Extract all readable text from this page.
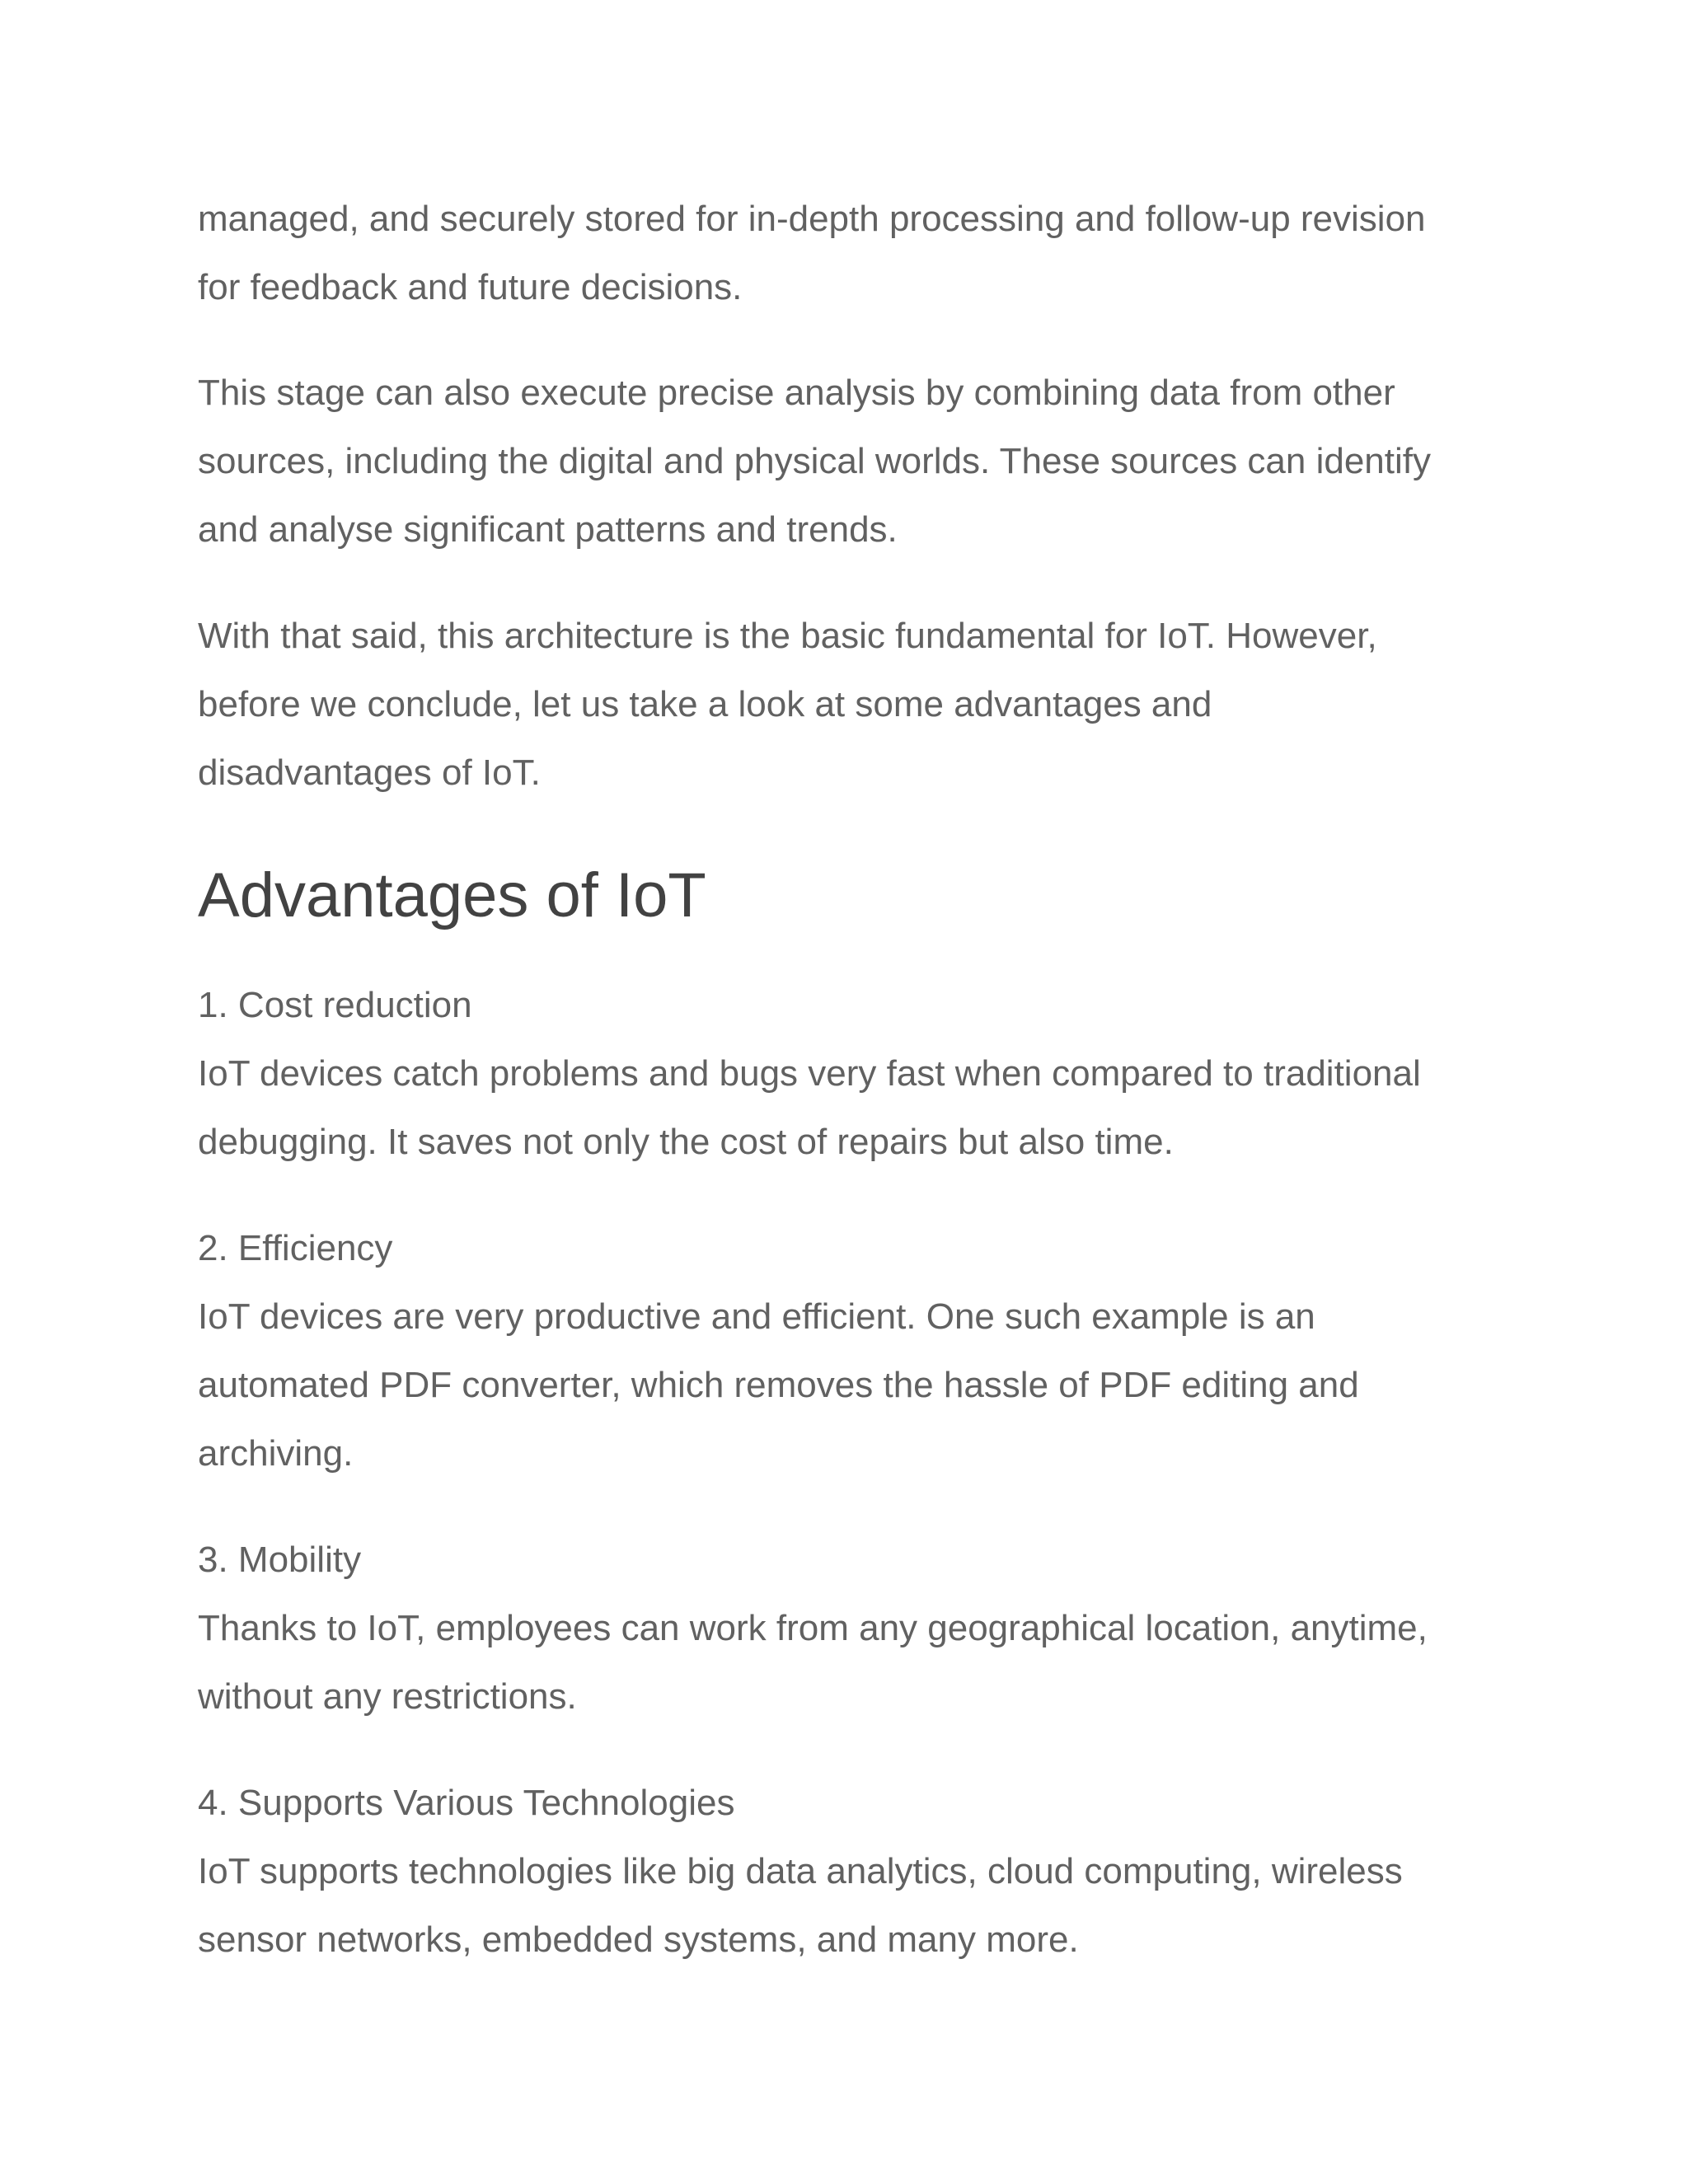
managed, and securely stored for in-depth processing and follow-up revision
for feedback and future decisions.

This stage can also execute precise analysis by combining data from other
sources, including the digital and physical worlds. These sources can identify
and analyse significant patterns and trends.

With that said, this architecture is the basic fundamental for IoT. However,
before we conclude, let us take a look at some advantages and
disadvantages of IoT.

Advantages of IoT

1. Cost reduction
IoT devices catch problems and bugs very fast when compared to traditional
debugging. It saves not only the cost of repairs but also time.

2. Efficiency
IoT devices are very productive and efficient. One such example is an
automated PDF converter, which removes the hassle of PDF editing and
archiving.

3. Mobility
Thanks to IoT, employees can work from any geographical location, anytime,
without any restrictions.

4. Supports Various Technologies
IoT supports technologies like big data analytics, cloud computing, wireless
sensor networks, embedded systems, and many more.
